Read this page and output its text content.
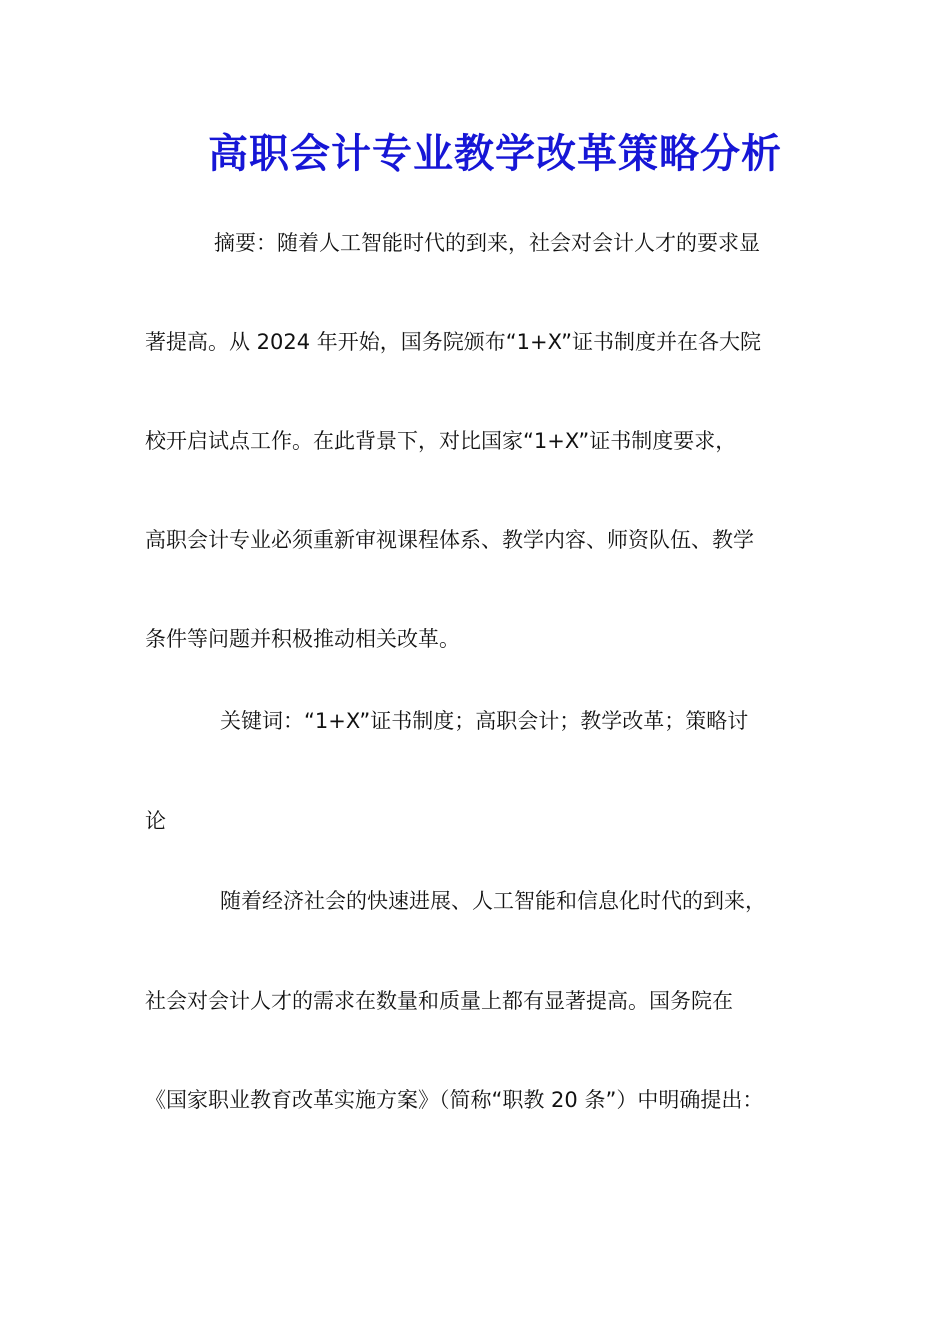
高职会计专业教学改革策略分析
摘要：随着人工智能时代的到来，社会对会计人才的要求显
著提高。从 2024 年开始，国务院颁布“1+X”证书制度并在各大院
校开启试点工作。在此背景下，对比国家“1+X”证书制度要求，
高职会计专业必须重新审视课程体系、教学内容、师资队伍、教学
条件等问题并积极推动相关改革。
关键词：“1+X”证书制度；高职会计；教学改革；策略讨
论
随着经济社会的快速进展、人工智能和信息化时代的到来，
社会对会计人才的需求在数量和质量上都有显著提高。国务院在
《国家职业教育改革实施方案》（简称“职教 20 条”）中明确提出：
